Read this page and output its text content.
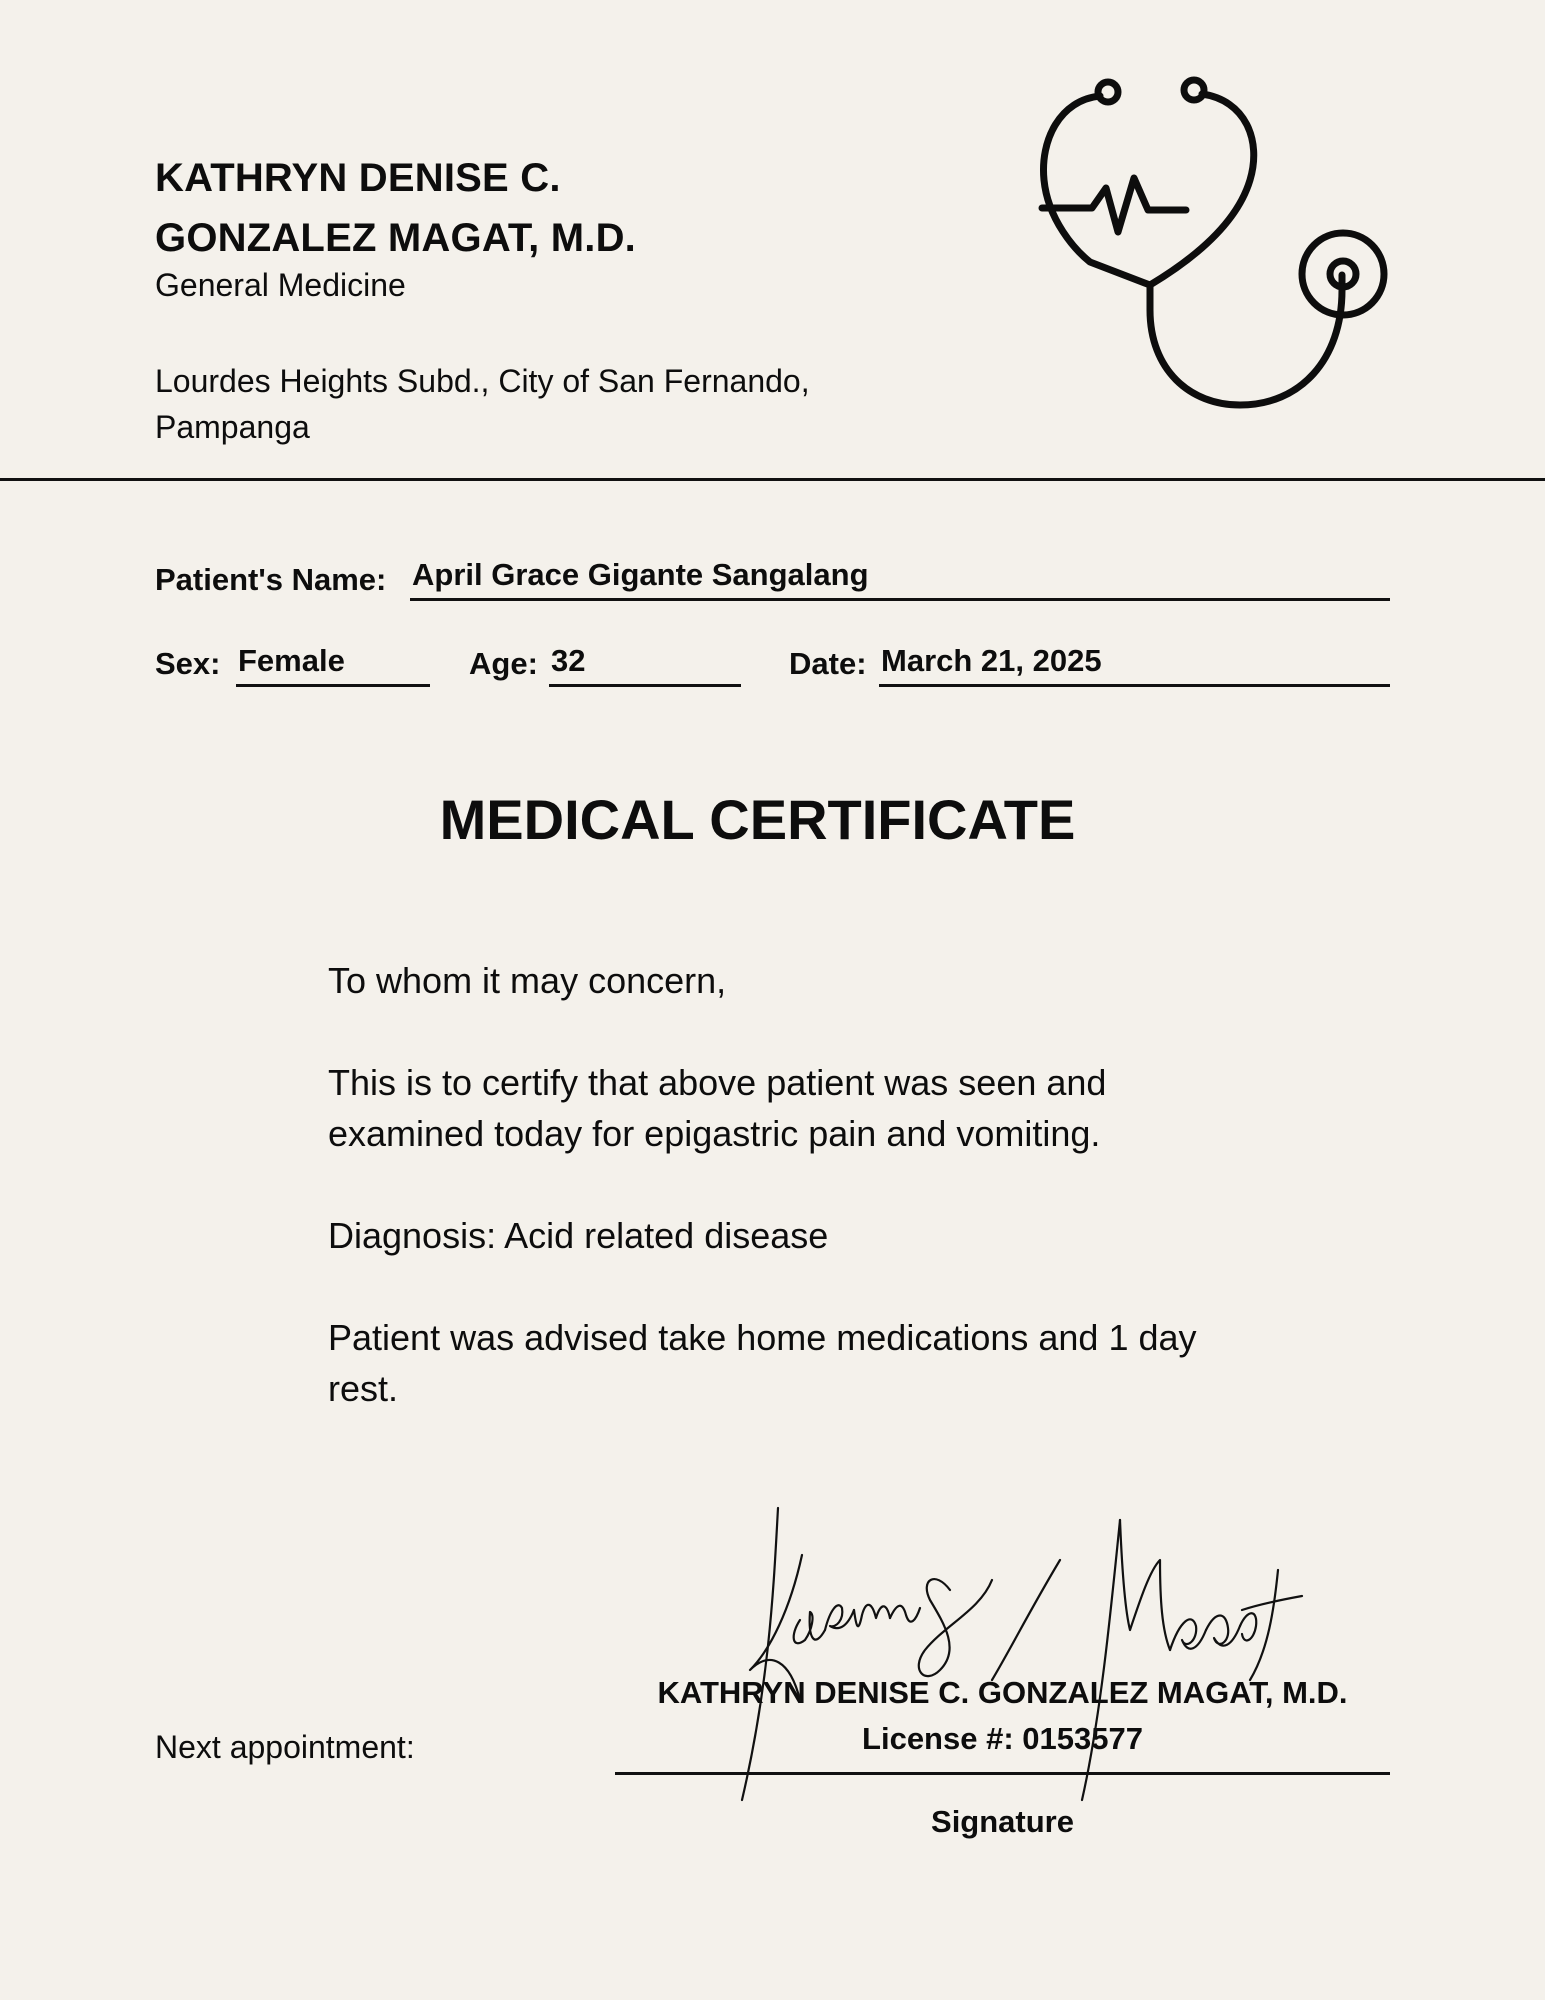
KATHRYN DENISE C.
GONZALEZ MAGAT, M.D.
General Medicine
Lourdes Heights Subd., City of San Fernando,
Pampanga
Patient's Name: April Grace Gigante Sangalang
Sex: Female	Age: 32	Date: March 21, 2025
MEDICAL CERTIFICATE

To whom it may concern,

This is to certify that above patient was seen and examined today for epigastric pain and vomiting.

Diagnosis: Acid related disease

Patient was advised take home medications and 1 day rest.

Next appointment:
KATHRYN DENISE C. GONZALEZ MAGAT, M.D.
License #: 0153577
Signature
